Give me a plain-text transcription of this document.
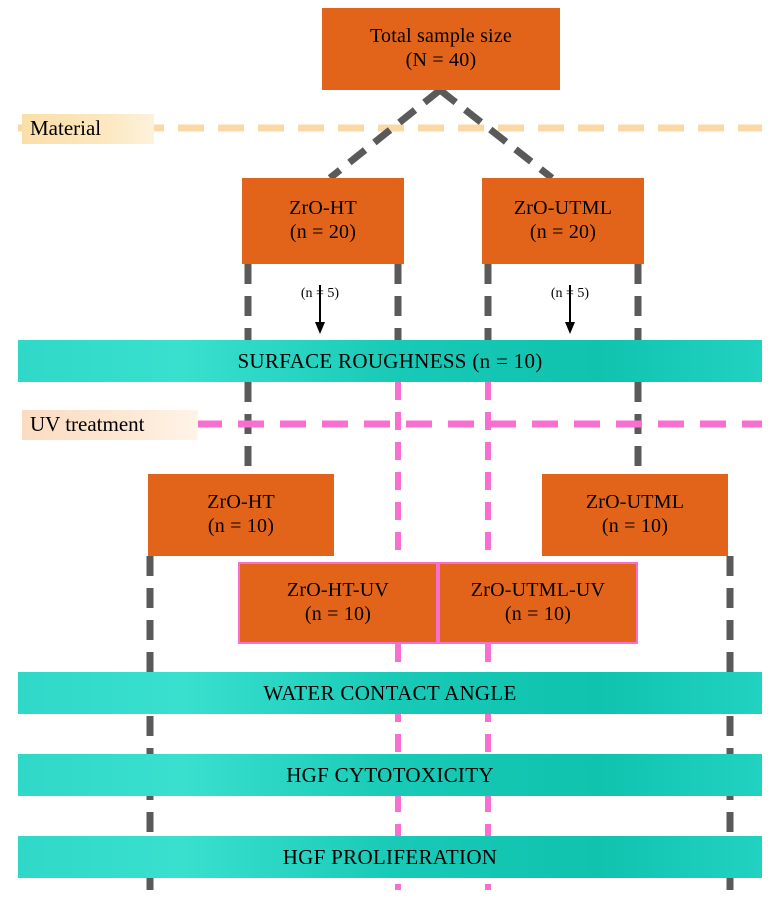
Total sample size
(N = 40)
Material
ZrO-HT
(n = 20)
ZrO-UTML
(n = 20)
(n = 5)	(n = 5)
SURFACE ROUGHNESS (n = 10)
UV treatment
ZrO-HT
(n = 10)
ZrO-UTML
(n = 10)
ZrO-HT-UV
(n = 10)
ZrO-UTML-UV
(n = 10)
WATER CONTACT ANGLE
HGF CYTOTOXICITY
HGF PROLIFERATION
